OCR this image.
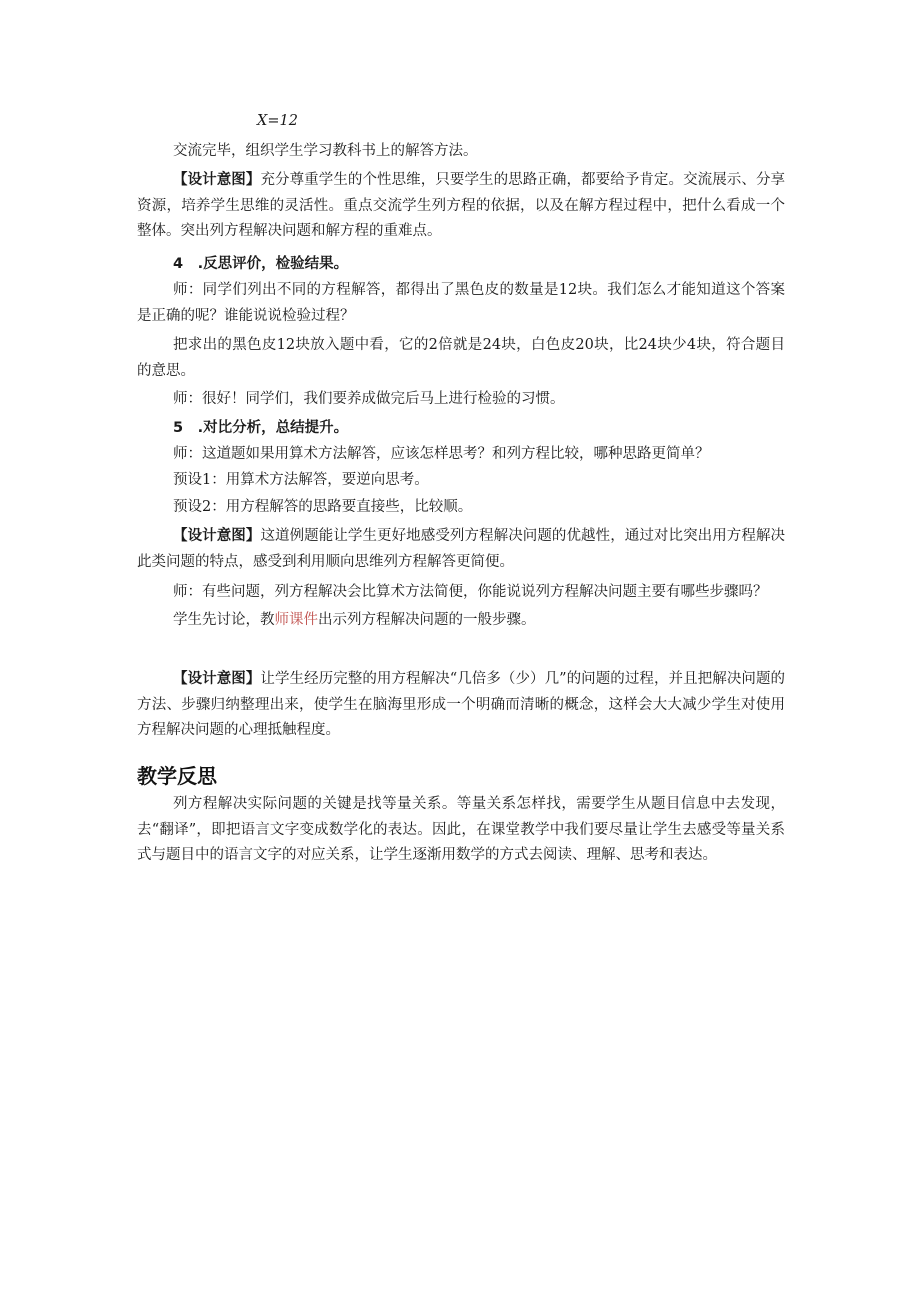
X=12
交流完毕，组织学生学习教科书上的解答方法。
【设计意图】充分尊重学生的个性思维，只要学生的思路正确，都要给予肯定。交流展示、分享资源，培养学生思维的灵活性。重点交流学生列方程的依据，以及在解方程过程中，把什么看成一个整体。突出列方程解决问题和解方程的重难点。
4　.反思评价，检验结果。
师：同学们列出不同的方程解答，都得出了黑色皮的数量是12块。我们怎么才能知道这个答案是正确的呢？谁能说说检验过程？
把求出的黑色皮12块放入题中看，它的2倍就是24块，白色皮20块，比24块少4块，符合题目的意思。
师：很好！同学们，我们要养成做完后马上进行检验的习惯。
5　.对比分析，总结提升。
师：这道题如果用算术方法解答，应该怎样思考？和列方程比较，哪种思路更简单？
预设1：用算术方法解答，要逆向思考。
预设2：用方程解答的思路要直接些，比较顺。
【设计意图】这道例题能让学生更好地感受列方程解决问题的优越性，通过对比突出用方程解决此类问题的特点，感受到利用顺向思维列方程解答更简便。
师：有些问题，列方程解决会比算术方法简便，你能说说列方程解决问题主要有哪些步骤吗？
学生先讨论，教师课件出示列方程解决问题的一般步骤。
【设计意图】让学生经历完整的用方程解决“几倍多（少）几”的问题的过程，并且把解决问题的方法、步骤归纳整理出来，使学生在脑海里形成一个明确而清晰的概念，这样会大大减少学生对使用方程解决问题的心理抵触程度。
教学反思
列方程解决实际问题的关键是找等量关系。等量关系怎样找，需要学生从题目信息中去发现，去“翻译”，即把语言文字变成数学化的表达。因此，在课堂教学中我们要尽量让学生去感受等量关系式与题目中的语言文字的对应关系，让学生逐渐用数学的方式去阅读、理解、思考和表达。
